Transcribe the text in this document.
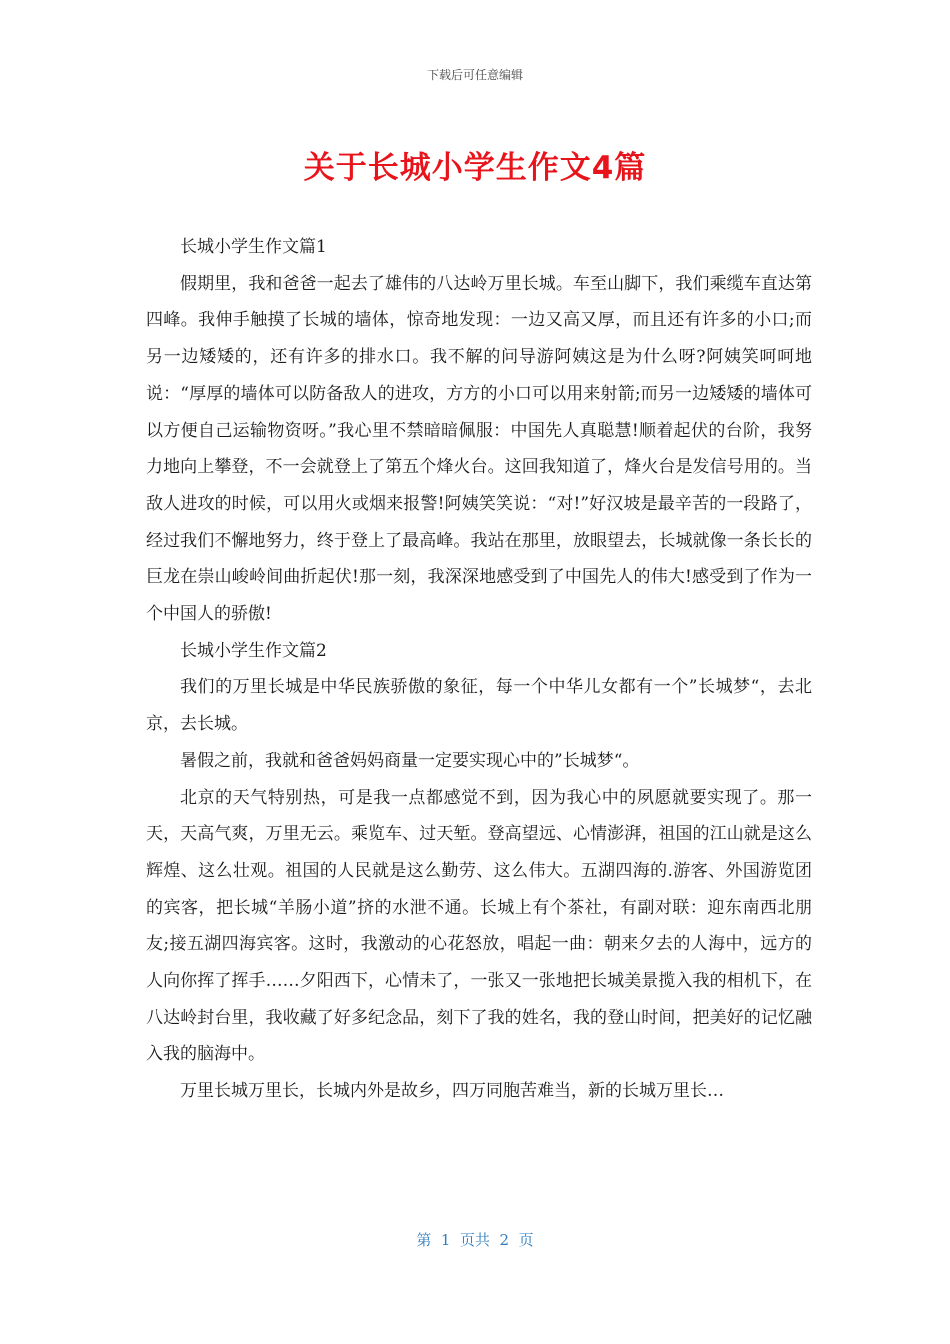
下载后可任意编辑
关于长城小学生作文4篇

长城小学生作文篇1

假期里，我和爸爸一起去了雄伟的八达岭万里长城。车至山脚下，我们乘缆车直达第四峰。我伸手触摸了长城的墙体，惊奇地发现：一边又高又厚，而且还有许多的小口;而另一边矮矮的，还有许多的排水口。我不解的问导游阿姨这是为什么呀?阿姨笑呵呵地说：“厚厚的墙体可以防备敌人的进攻，方方的小口可以用来射箭;而另一边矮矮的墙体可以方便自己运输物资呀。”我心里不禁暗暗佩服：中国先人真聪慧!顺着起伏的台阶，我努力地向上攀登，不一会就登上了第五个烽火台。这回我知道了，烽火台是发信号用的。当敌人进攻的时候，可以用火或烟来报警!阿姨笑笑说：“对!”好汉坡是最辛苦的一段路了，经过我们不懈地努力，终于登上了最高峰。我站在那里，放眼望去，长城就像一条长长的巨龙在崇山峻岭间曲折起伏!那一刻，我深深地感受到了中国先人的伟大!感受到了作为一个中国人的骄傲!

长城小学生作文篇2

我们的万里长城是中华民族骄傲的象征，每一个中华儿女都有一个”长城梦“，去北京，去长城。

暑假之前，我就和爸爸妈妈商量一定要实现心中的”长城梦“。

北京的天气特别热，可是我一点都感觉不到，因为我心中的夙愿就要实现了。那一天，天高气爽，万里无云。乘览车、过天堑。登高望远、心情澎湃，祖国的江山就是这么辉煌、这么壮观。祖国的人民就是这么勤劳、这么伟大。五湖四海的.游客、外国游览团的宾客，把长城“羊肠小道”挤的水泄不通。长城上有个茶社，有副对联：迎东南西北朋友;接五湖四海宾客。这时，我激动的心花怒放，唱起一曲：朝来夕去的人海中，远方的人向你挥了挥手……夕阳西下，心情未了，一张又一张地把长城美景揽入我的相机下，在八达岭封台里，我收藏了好多纪念品，刻下了我的姓名，我的登山时间，把美好的记忆融入我的脑海中。

万里长城万里长，长城内外是故乡，四万同胞苦难当，新的长城万里长…

第  1  页共  2  页
